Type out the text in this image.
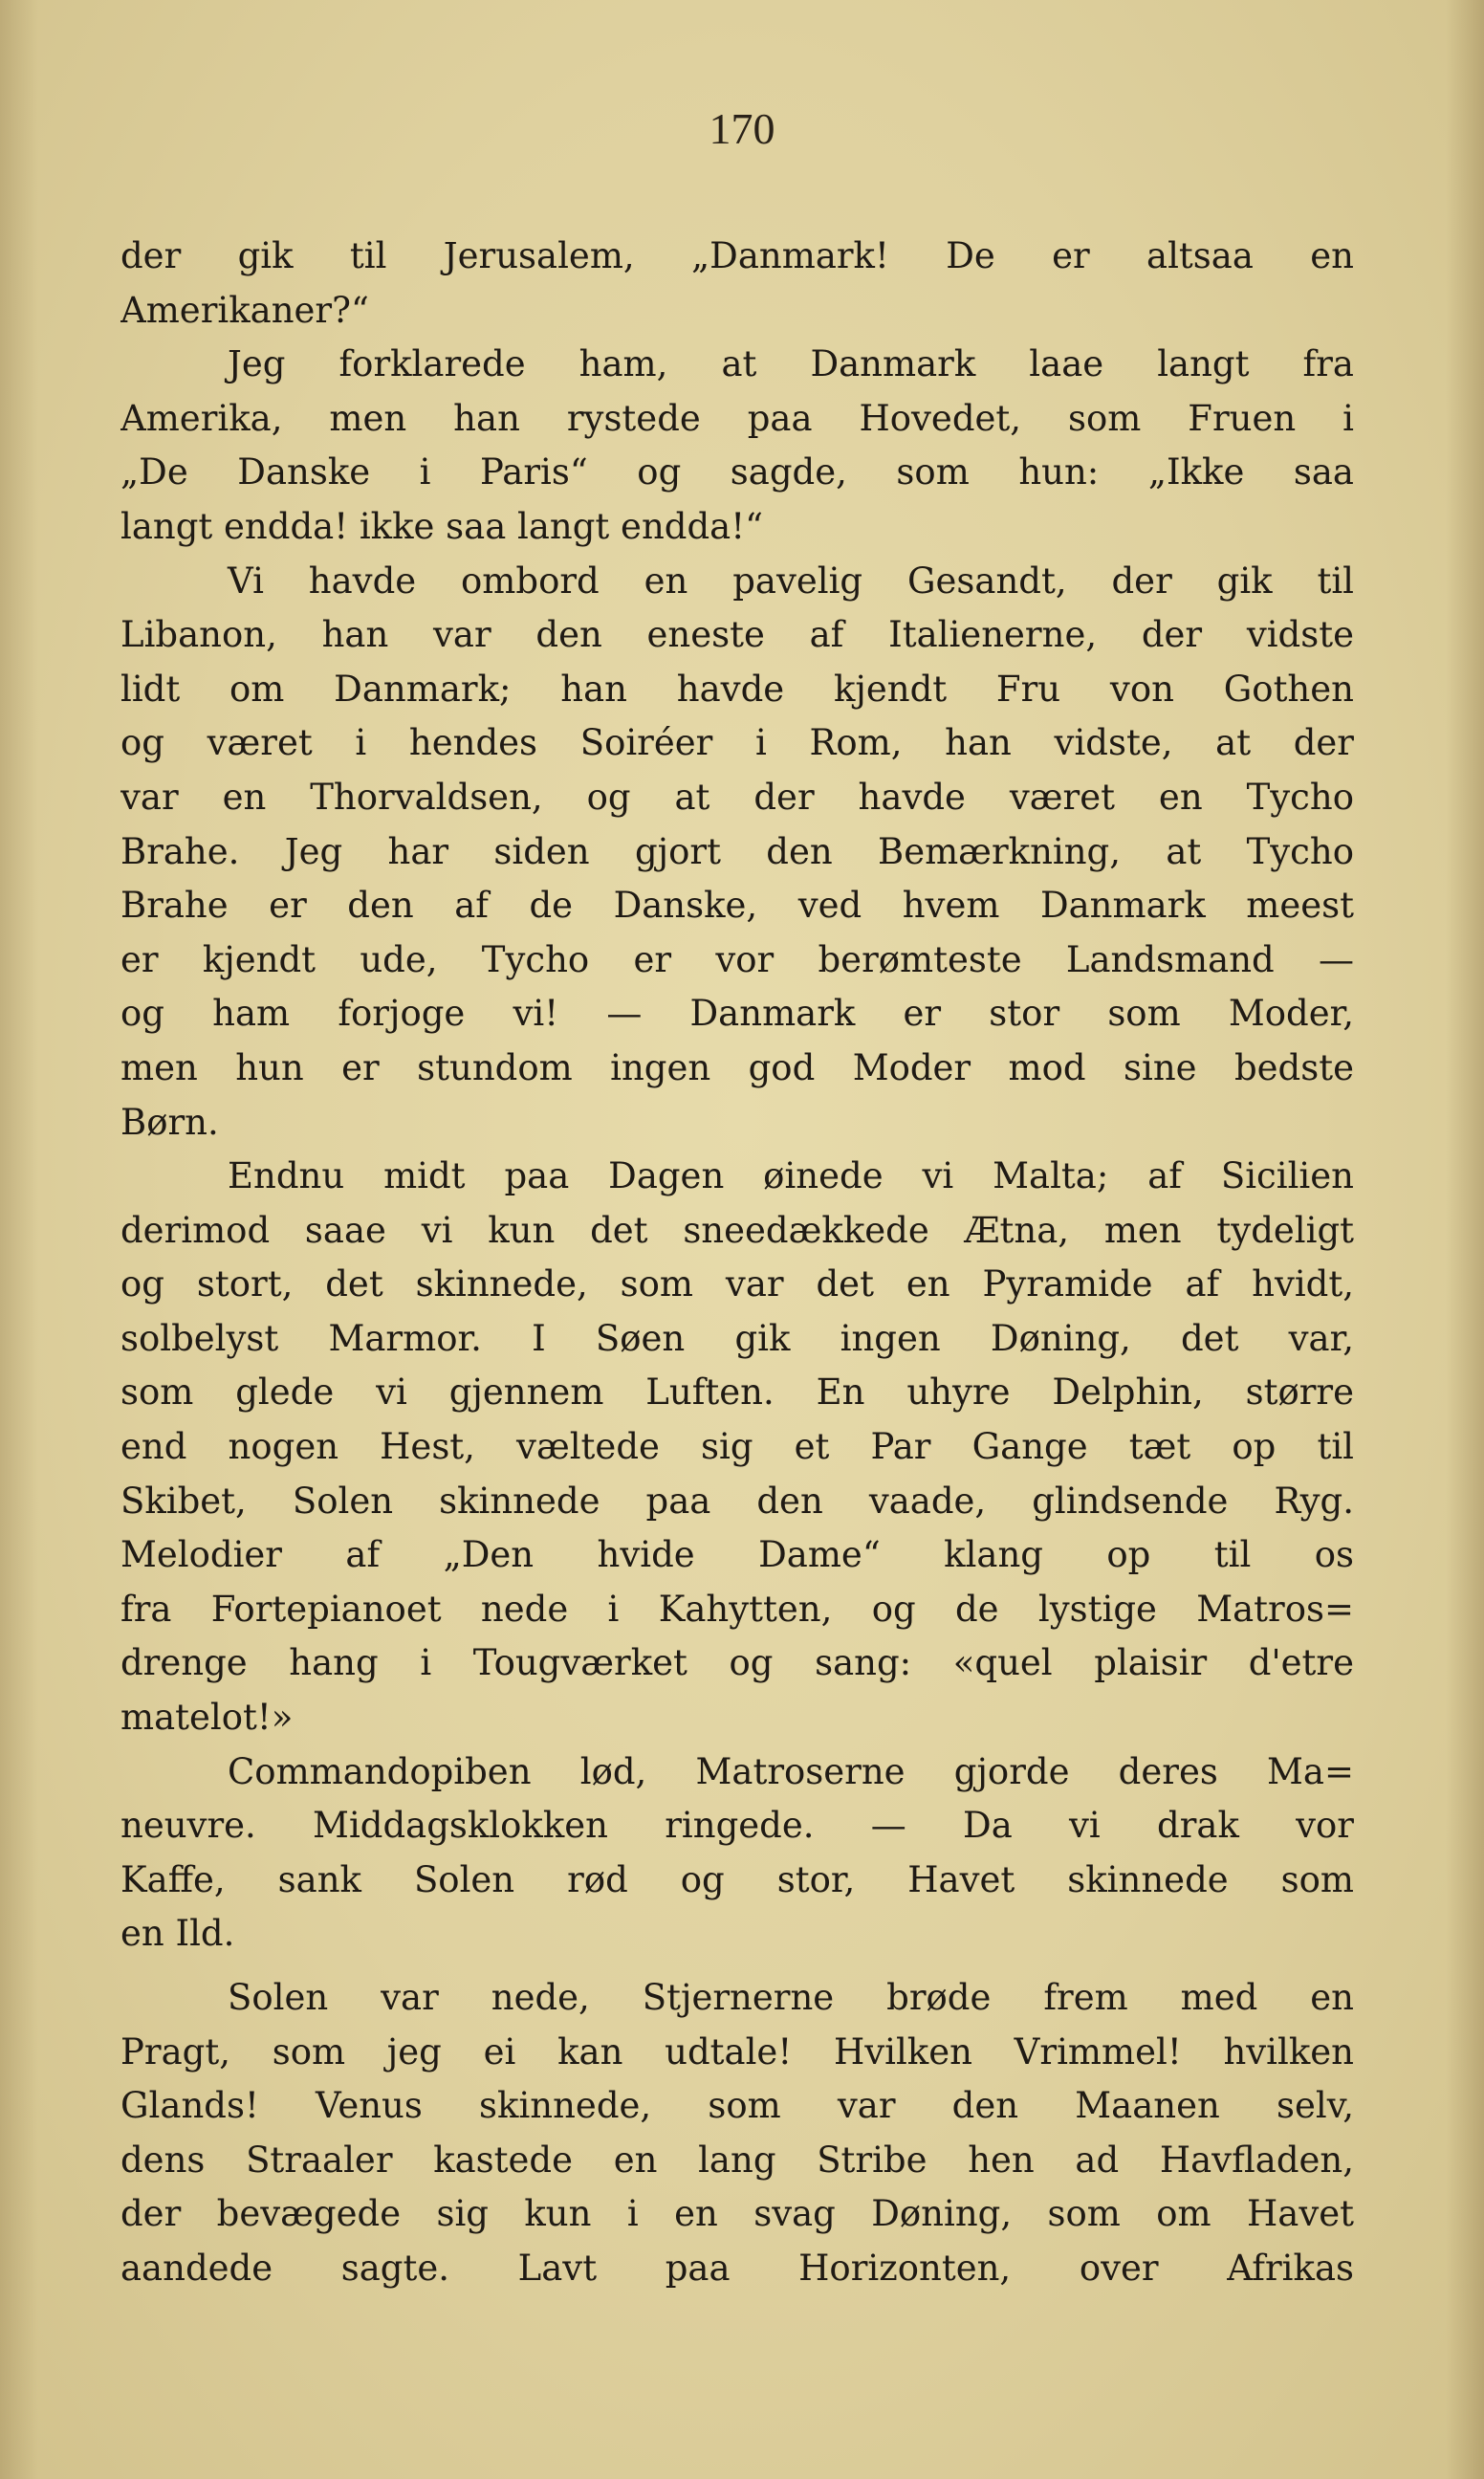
170
der gik til Jerusalem, „Danmark! De er altsaa en
Amerikaner?“
Jeg forklarede ham, at Danmark laae langt fra
Amerika, men han rystede paa Hovedet, som Fruen i
„De Danske i Paris“ og sagde, som hun: „Ikke saa
langt endda! ikke saa langt endda!“
Vi havde ombord en pavelig Gesandt, der gik til
Libanon, han var den eneste af Italienerne, der vidste
lidt om Danmark; han havde kjendt Fru von Gothen
og været i hendes Soiréer i Rom, han vidste, at der
var en Thorvaldsen, og at der havde været en Tycho
Brahe. Jeg har siden gjort den Bemærkning, at Tycho
Brahe er den af de Danske, ved hvem Danmark meest
er kjendt ude, Tycho er vor berømteste Landsmand —
og ham forjoge vi! — Danmark er stor som Moder,
men hun er stundom ingen god Moder mod sine bedste
Børn.
Endnu midt paa Dagen øinede vi Malta; af Sicilien
derimod saae vi kun det sneedækkede Ætna, men tydeligt
og stort, det skinnede, som var det en Pyramide af hvidt,
solbelyst Marmor. I Søen gik ingen Døning, det var,
som glede vi gjennem Luften. En uhyre Delphin, større
end nogen Hest, væltede sig et Par Gange tæt op til
Skibet, Solen skinnede paa den vaade, glindsende Ryg.
Melodier af „Den hvide Dame“ klang op til os
fra Fortepianoet nede i Kahytten, og de lystige Matros=
drenge hang i Tougværket og sang: «quel plaisir d'etre
matelot!»
Commandopiben lød, Matroserne gjorde deres Ma=
neuvre. Middagsklokken ringede. — Da vi drak vor
Kaffe, sank Solen rød og stor, Havet skinnede som
en Ild.
Solen var nede, Stjernerne brøde frem med en
Pragt, som jeg ei kan udtale! Hvilken Vrimmel! hvilken
Glands! Venus skinnede, som var den Maanen selv,
dens Straaler kastede en lang Stribe hen ad Havfladen,
der bevægede sig kun i en svag Døning, som om Havet
aandede sagte. Lavt paa Horizonten, over Afrikas
